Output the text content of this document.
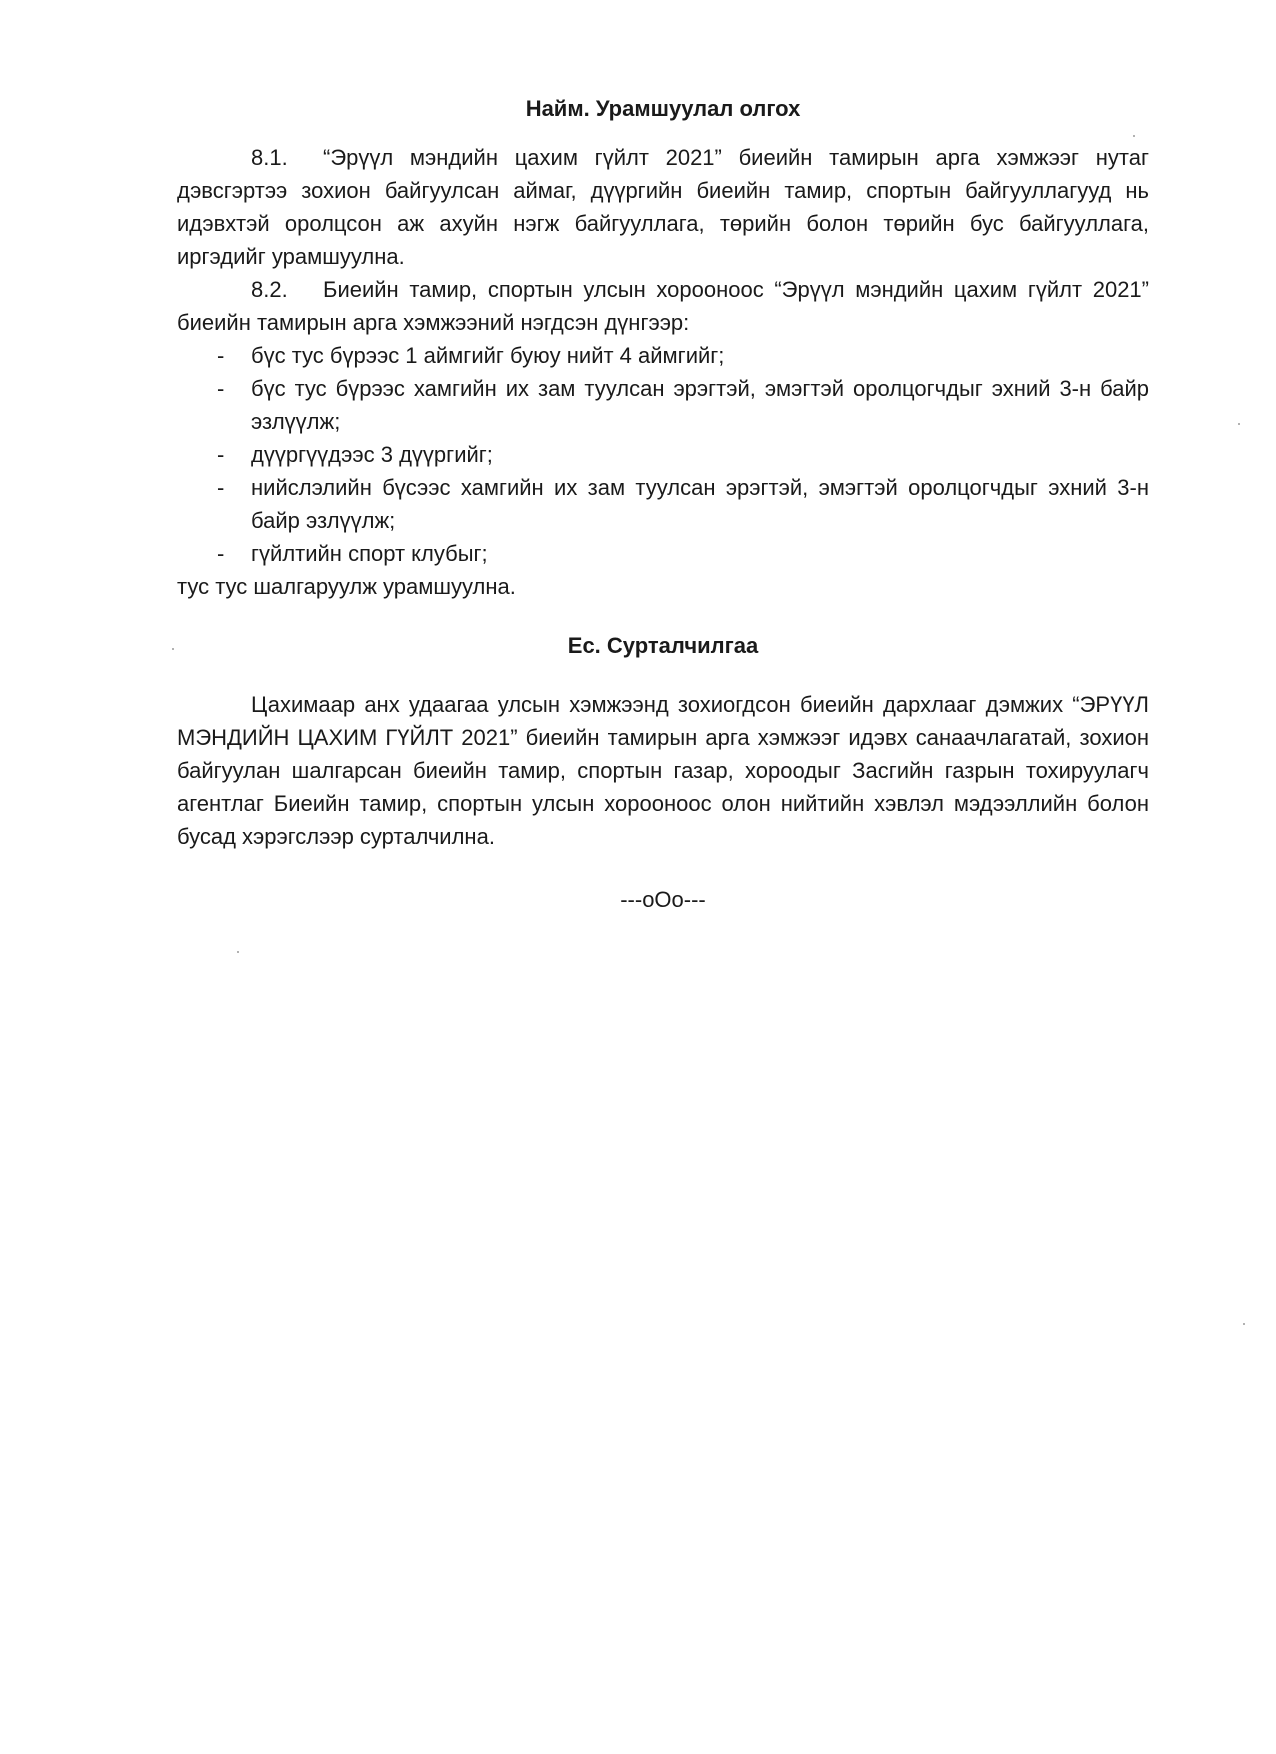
Найм. Урамшуулал олгох

8.1. “Эрүүл мэндийн цахим гүйлт 2021” биеийн тамирын арга хэмжээг нутаг дэвсгэртээ зохион байгуулсан аймаг, дүүргийн биеийн тамир, спортын байгууллагууд нь идэвхтэй оролцсон аж ахуйн нэгж байгууллага, төрийн болон төрийн бус байгууллага, иргэдийг урамшуулна.

8.2. Биеийн тамир, спортын улсын хорооноос “Эрүүл мэндийн цахим гүйлт 2021” биеийн тамирын арга хэмжээний нэгдсэн дүнгээр:

- бүс тус бүрээс 1 аймгийг буюу нийт 4 аймгийг;
- бүс тус бүрээс хамгийн их зам туулсан эрэгтэй, эмэгтэй оролцогчдыг эхний 3-н байр эзлүүлж;
- дүүргүүдээс 3 дүүргийг;
- нийслэлийн бүсээс хамгийн их зам туулсан эрэгтэй, эмэгтэй оролцогчдыг эхний 3-н байр эзлүүлж;
- гүйлтийн спорт клубыг;

тус тус шалгаруулж урамшуулна.

Ес. Сурталчилгаа

Цахимаар анх удаагаа улсын хэмжээнд зохиогдсон биеийн дархлааг дэмжих “ЭРҮҮЛ МЭНДИЙН ЦАХИМ ГҮЙЛТ 2021” биеийн тамирын арга хэмжээг идэвх санаачлагатай, зохион байгуулан шалгарсан биеийн тамир, спортын газар, хороодыг Засгийн газрын тохируулагч агентлаг Биеийн тамир, спортын улсын хорооноос олон нийтийн хэвлэл мэдээллийн болон бусад хэрэгслээр сурталчилна.

---oOo---
